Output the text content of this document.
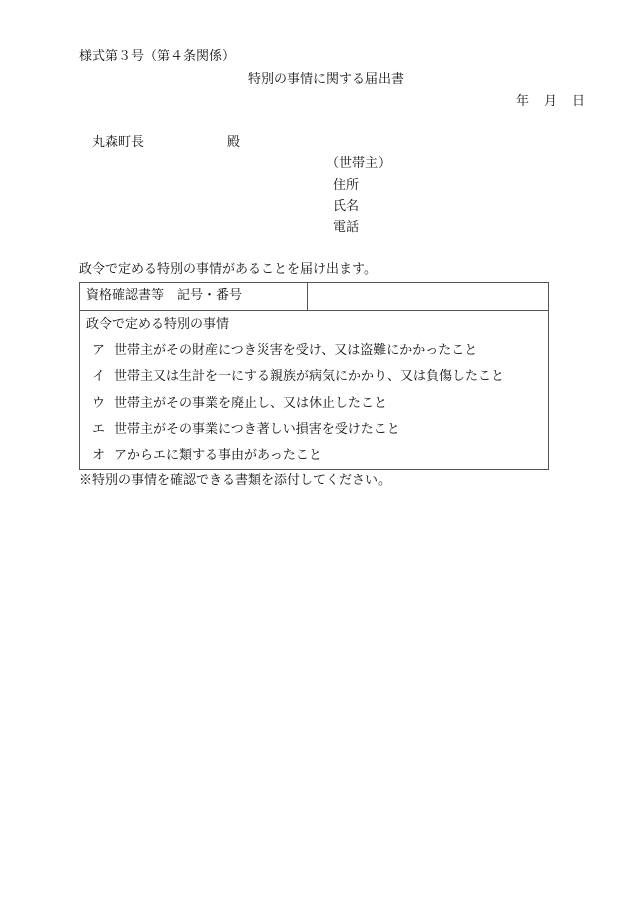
様式第３号（第４条関係）
特別の事情に関する届出書
年 月 日
丸森町長	殿
（世帯主）
住所
氏名
電話
政令で定める特別の事情があることを届け出ます。
資格確認書等　記号・番号
政令で定める特別の事情
ア 世帯主がその財産につき災害を受け、又は盗難にかかったこと
イ 世帯主又は生計を一にする親族が病気にかかり、又は負傷したこと
ウ 世帯主がその事業を廃止し、又は休止したこと
エ 世帯主がその事業につき著しい損害を受けたこと
オ アからエに類する事由があったこと
※特別の事情を確認できる書類を添付してください。
